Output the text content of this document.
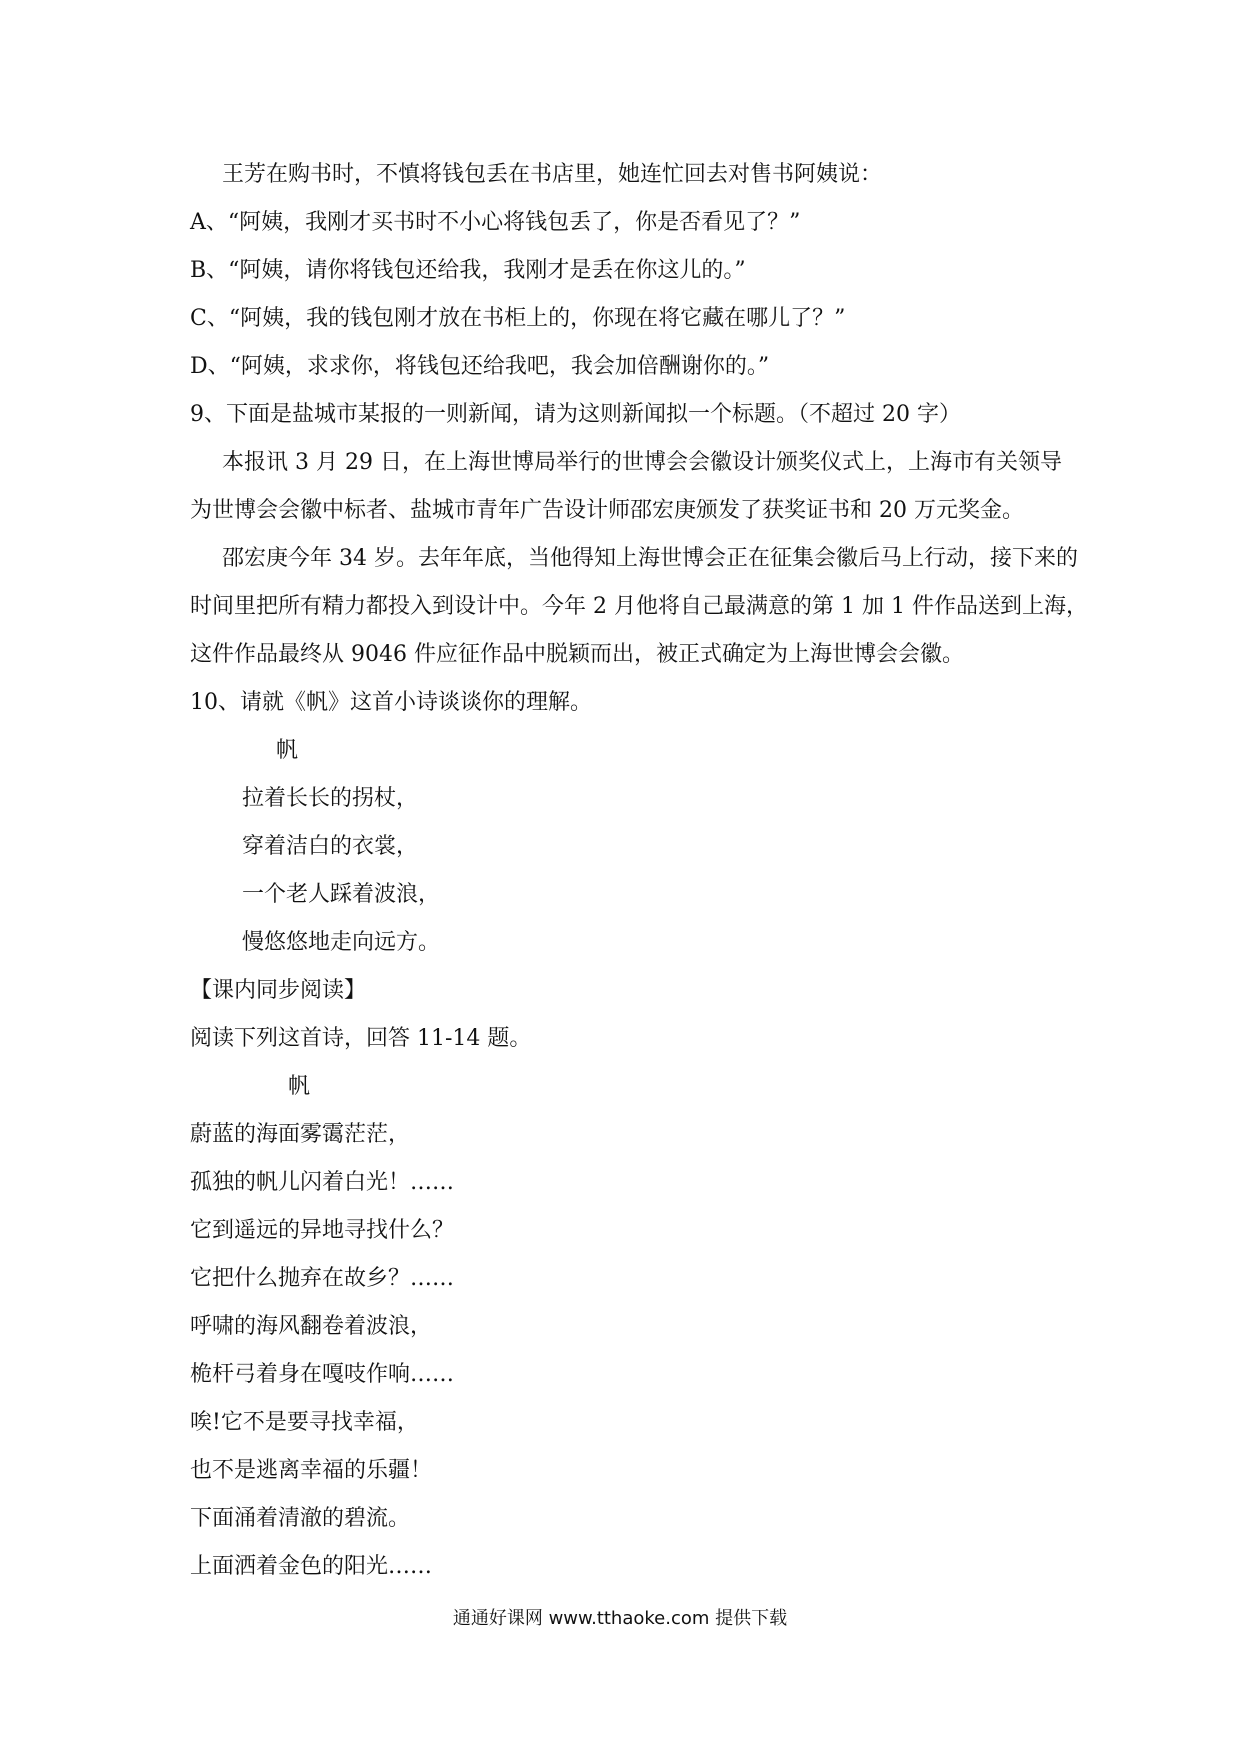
王芳在购书时，不慎将钱包丢在书店里，她连忙回去对售书阿姨说：
A、“阿姨，我刚才买书时不小心将钱包丢了，你是否看见了？”
B、“阿姨，请你将钱包还给我，我刚才是丢在你这儿的。”
C、“阿姨，我的钱包刚才放在书柜上的，你现在将它藏在哪儿了？”
D、“阿姨，求求你，将钱包还给我吧，我会加倍酬谢你的。”
9、下面是盐城市某报的一则新闻，请为这则新闻拟一个标题。（不超过 20 字）
本报讯 3 月 29 日，在上海世博局举行的世博会会徽设计颁奖仪式上，上海市有关领导
为世博会会徽中标者、盐城市青年广告设计师邵宏庚颁发了获奖证书和 20 万元奖金。
邵宏庚今年 34 岁。去年年底，当他得知上海世博会正在征集会徽后马上行动，接下来的
时间里把所有精力都投入到设计中。今年 2 月他将自己最满意的第 1 加 1 件作品送到上海，
这件作品最终从 9046 件应征作品中脱颖而出，被正式确定为上海世博会会徽。
10、请就《帆》这首小诗谈谈你的理解。
帆
拉着长长的拐杖，
穿着洁白的衣裳，
一个老人踩着波浪，
慢悠悠地走向远方。
【课内同步阅读】
阅读下列这首诗，回答 11-14 题。
帆
蔚蓝的海面雾霭茫茫，
孤独的帆儿闪着白光！……
它到遥远的异地寻找什么？
它把什么抛弃在故乡？……
呼啸的海风翻卷着波浪，
桅杆弓着身在嘎吱作响……
唉!它不是要寻找幸福，
也不是逃离幸福的乐疆！
下面涌着清澈的碧流。
上面洒着金色的阳光……
通通好课网 www.tthaoke.com 提供下载
